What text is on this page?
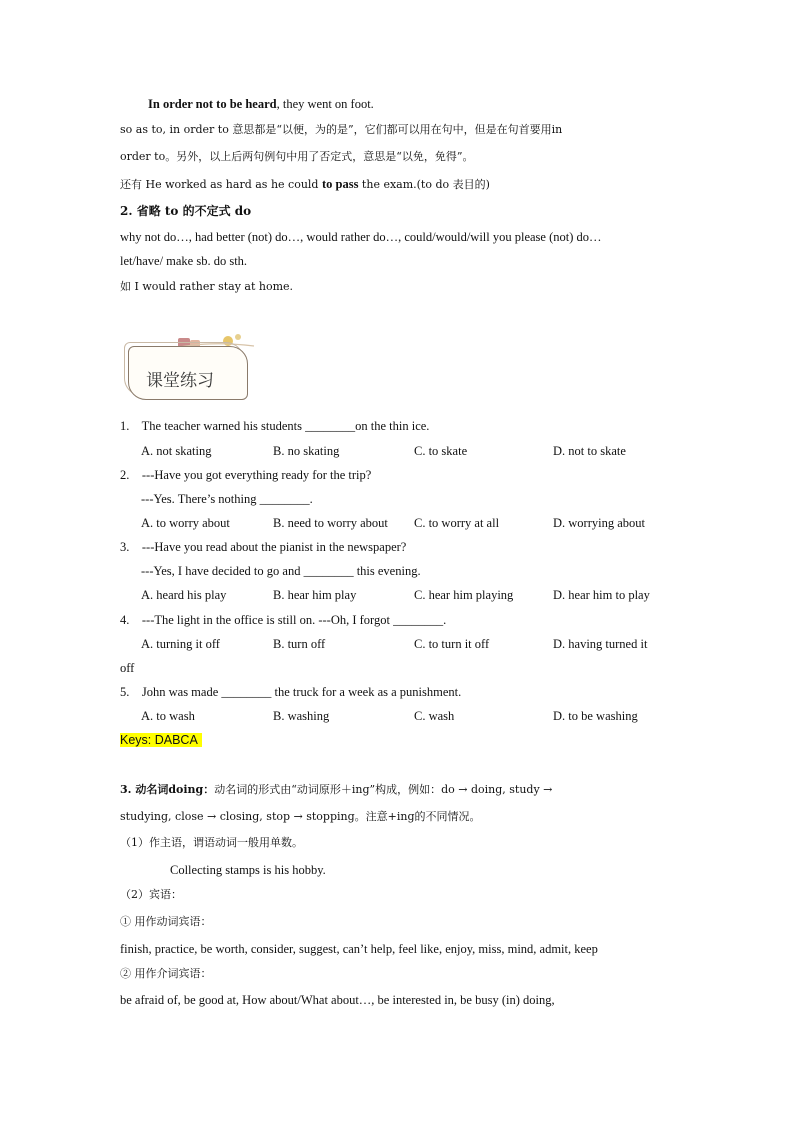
In order not to be heard, they went on foot.
so as to, in order to 意思都是“以便，为的是”，它们都可以用在句中，但是在句首要用in
order to。另外，以上后两句例句中用了否定式，意思是“以免，免得”。
还有 He worked as hard as he could to pass the exam.(to do 表目的)
2. 省略 to 的不定式 do
why not do…, had better (not) do…, would rather do…, could/would/will you please (not) do…
let/have/ make sb. do sth.
如 I would rather stay at home.
课堂练习
1. The teacher warned his students ________on the thin ice.
A. not skating	B. no skating	C. to skate	D. not to skate
2. ---Have you got everything ready for the trip?
---Yes. There’s nothing ________.
A. to worry about	B. need to worry about C. to worry at all	D. worrying about
3. ---Have you read about the pianist in the newspaper?
---Yes, I have decided to go and ________ this evening.
A. heard his play	B. hear him play	C. hear him playing	D. hear him to play
4. ---The light in the office is still on. ---Oh, I forgot ________.
A. turning it off	B. turn off	C. to turn it off	D. having turned it
off
5. John was made ________ the truck for a week as a punishment.
A. to wash	B. washing	C. wash	D. to be washing
Keys: DABCA
3. 动名词doing：动名词的形式由“动词原形＋ing”构成，例如：do → doing, study →
studying, close → closing, stop → stopping。注意+ing的不同情况。
（1）作主语，谓语动词一般用单数。
Collecting stamps is his hobby.
（2）宾语：
① 用作动词宾语：
finish, practice, be worth, consider, suggest, can’t help, feel like, enjoy, miss, mind, admit, keep
② 用作介词宾语：
be afraid of, be good at, How about/What about…, be interested in, be busy (in) doing,
